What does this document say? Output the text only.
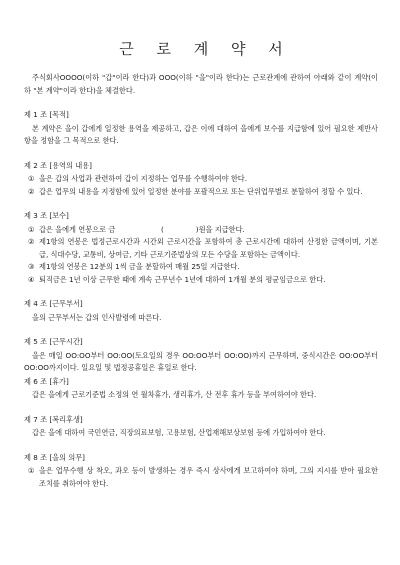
근 로 계 약 서

주식회사OOOO(이하 "갑"이라 한다)과 OOO(이하 "을"이라 한다)는 근로관계에 관하여 아래와 같이 계약(이하 "본 계약"이라 한다)을 체결한다.

제 1 조 [목적]

본 계약은 을이 갑에게 일정한 용역을 제공하고, 갑은 이에 대하여 을에게 보수를 지급함에 있어 필요한 제반사항을 정함을 그 목적으로 한다.

제 2 조 [용역의 내용]
① 을은 갑의 사업과 관련하여 갑이 지정하는 업무를 수행하여야 한다.
② 갑은 업무의 내용을 지정함에 있어 일정한 분야를 포괄적으로 또는 단위업무별로 분할하여 정할 수 있다.
제 3 조 [보수]
① 갑은 을에게 연봉으로 금                    (              )원을 지급한다.
② 제1항의 연봉은 법정근로시간과 시간외 근로시간을 포함하여 총 근로시간에 대하여 산정한 금액이며, 기본급, 식대수당, 교통비, 상여금, 기타 근로기준법상의 모든 수당을 포함하는 금액이다.
③ 제1항의 연봉은 12분의 1씩 금을 분할하여 매월 25일 지급한다.
④ 퇴직금은 1년 이상 근무한 때에 계속 근무년수 1년에 대하여 1개월 분의 평균임금으로 한다.
제 4 조 [근무부서]

을의 근무부서는 갑의 인사발령에 따른다.

제 5 조 [근무시간]

을은 매일 OO:OO부터 OO:OO(토요일의 경우 OO:OO부터 OO:OO)까지 근무하며, 중식시간은 OO:OO부터 OO:OO까지이다. 일요일 및 법정공휴일은 휴일로 한다.

제 6 조 [휴가]

갑은 을에게 근로기준법 소정의 연 월차휴가, 생리휴가, 산 전후 휴가 등을 부여하여야 한다.

제 7 조 [복리후생]

갑은 을에 대하여 국민연금, 직장의료보험, 고용보험, 산업재해보상보험 등에 가입하여야 한다.

제 8 조 [을의 의무]
① 을은 업무수행 상 착오, 과오 등이 발생하는 경우 즉시 상사에게 보고하여야 하며, 그의 지시를 받아 필요한 조치를 취하여야 한다.
